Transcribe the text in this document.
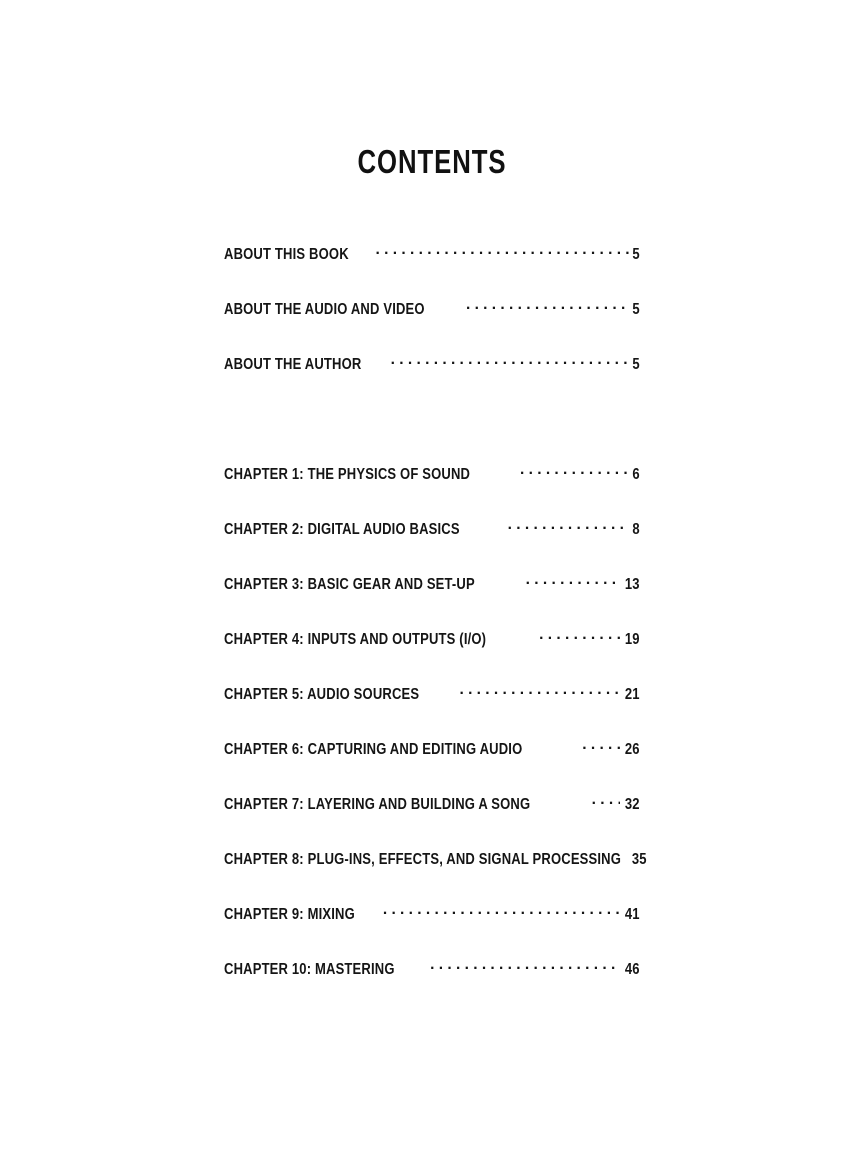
CONTENTS
ABOUT THIS BOOK . . .	5
ABOUT THE AUDIO AND VIDEO . . .	5
ABOUT THE AUTHOR . . .	5
CHAPTER 1: THE PHYSICS OF SOUND . . .	6
CHAPTER 2: DIGITAL AUDIO BASICS . . .	8
CHAPTER 3: BASIC GEAR AND SET-UP . . .	13
CHAPTER 4: INPUTS AND OUTPUTS (I/O) . . .	19
CHAPTER 5: AUDIO SOURCES . . .	21
CHAPTER 6: CAPTURING AND EDITING AUDIO . . .	26
CHAPTER 7: LAYERING AND BUILDING A SONG . . .	32
CHAPTER 8: PLUG-INS, EFFECTS, AND SIGNAL PROCESSING 35
CHAPTER 9: MIXING . . .	41
CHAPTER 10: MASTERING . . .	46
